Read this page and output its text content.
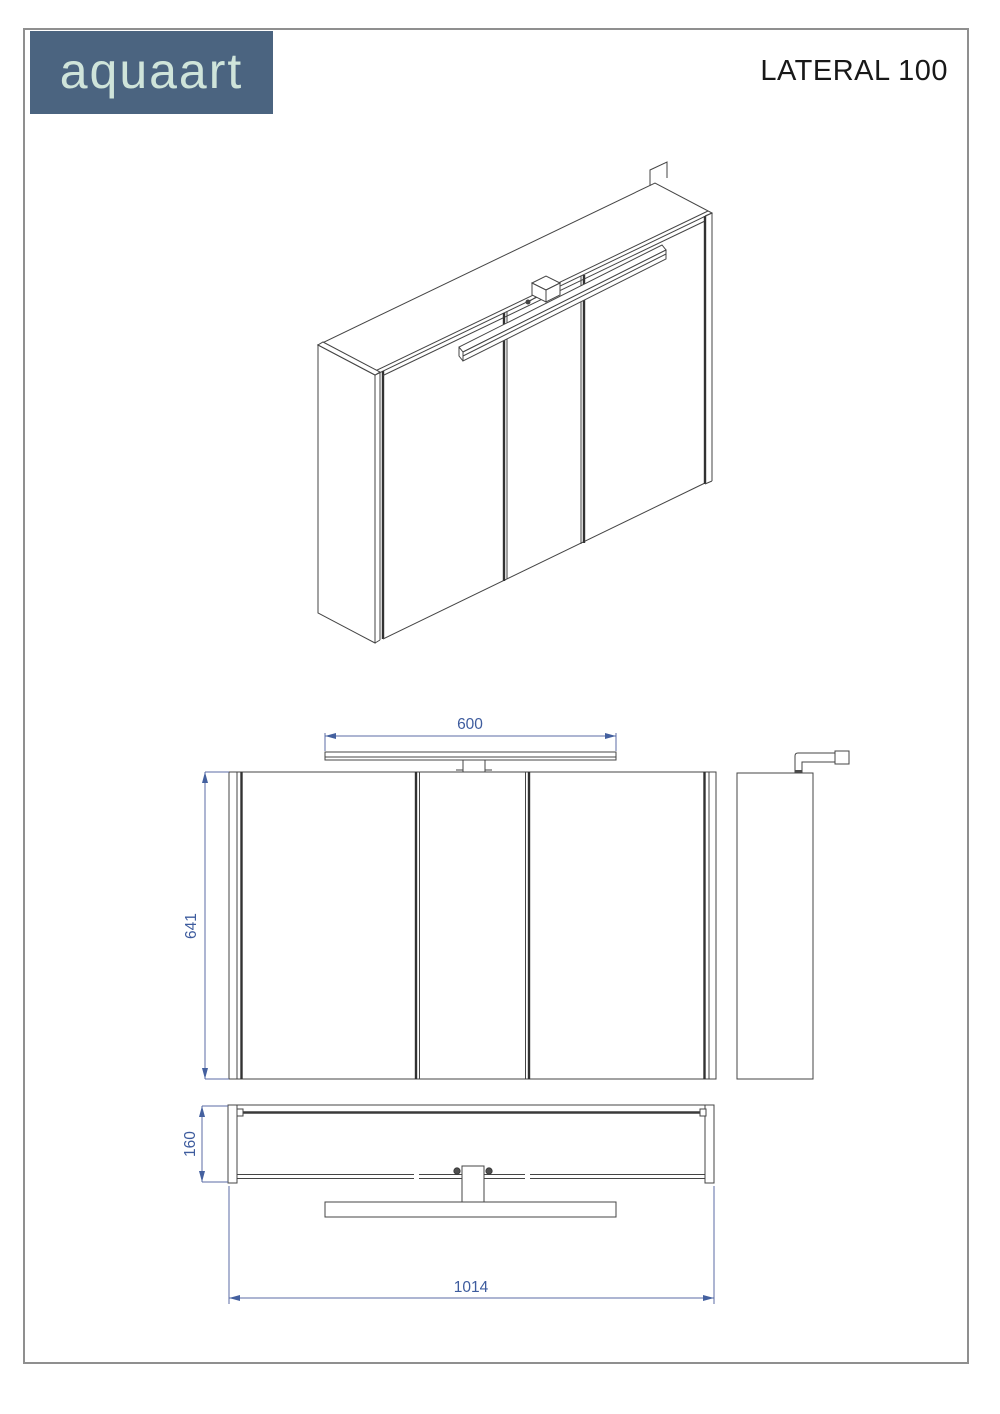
aquaart	LATERAL 100
600
641
160
1014
